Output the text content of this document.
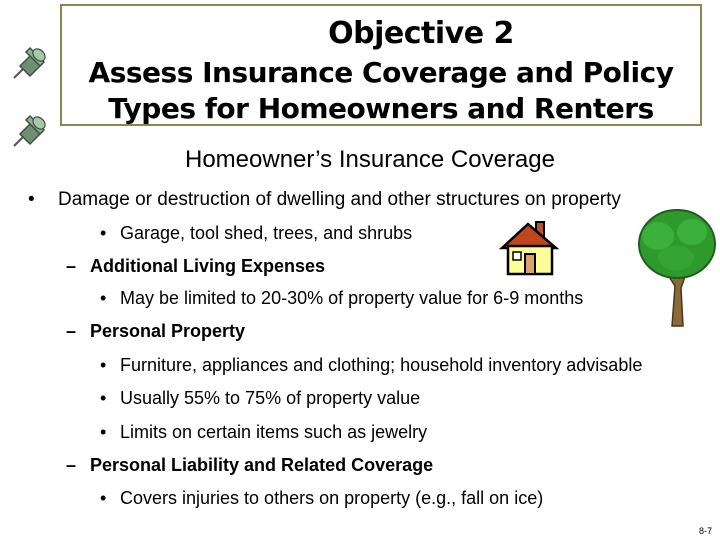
Objective 2
Assess Insurance Coverage and Policy
Types for Homeowners and Renters
Homeowner’s Insurance Coverage
• Damage or destruction of dwelling and other structures on property
• Garage, tool shed, trees, and shrubs
– Additional Living Expenses
• May be limited to 20-30% of property value for 6-9 months
– Personal Property
• Furniture, appliances and clothing; household inventory advisable
• Usually 55% to 75% of property value
• Limits on certain items such as jewelry
– Personal Liability and Related Coverage
• Covers injuries to others on property (e.g., fall on ice)
8-7
